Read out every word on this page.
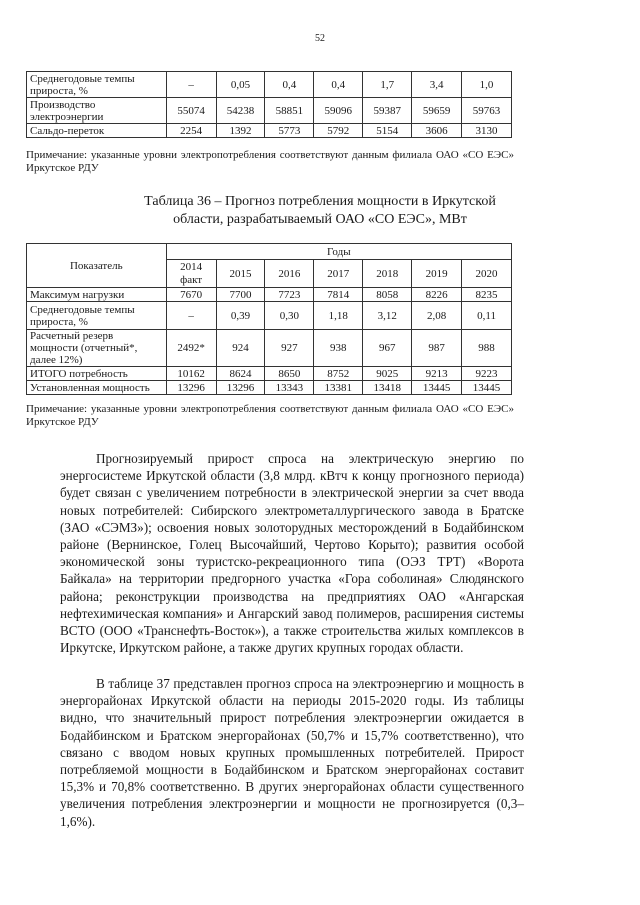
52
Среднегодовые темпы прироста, %	–	0,05	0,4	0,4	1,7	3,4	1,0
Производство электроэнергии	55074	54238	58851	59096	59387	59659	59763
Сальдо-переток	2254	1392	5773	5792	5154	3606	3130
Примечание: указанные уровни электропотребления соответствуют данным филиала ОАО «СО ЕЭС» Иркутское РДУ
Таблица 36 – Прогноз потребления мощности в Иркутской области, разрабатываемый ОАО «СО ЕЭС», МВт
Показатель	Годы						
	2014 факт	2015	2016	2017	2018	2019	2020
Максимум нагрузки	7670	7700	7723	7814	8058	8226	8235
Среднегодовые темпы прироста, %	–	0,39	0,30	1,18	3,12	2,08	0,11
Расчетный резерв мощности (отчетный*, далее 12%)	2492*	924	927	938	967	987	988
ИТОГО потребность	10162	8624	8650	8752	9025	9213	9223
Установленная мощность	13296	13296	13343	13381	13418	13445	13445
Примечание: указанные уровни электропотребления соответствуют данным филиала ОАО «СО ЕЭС» Иркутское РДУ

Прогнозируемый прирост спроса на электрическую энергию по энергосистеме Иркутской области (3,8 млрд. кВтч к концу прогнозного периода) будет связан с увеличением потребности в электрической энергии за счет ввода новых потребителей: Сибирского электрометаллургического завода в Братске (ЗАО «СЭМЗ»); освоения новых золоторудных месторождений в Бодайбинском районе (Вернинское, Голец Высочайший, Чертово Корыто); развития особой экономической зоны туристско-рекреационного типа (ОЭЗ ТРТ) «Ворота Байкала» на территории предгорного участка «Гора соболиная» Слюдянского района; реконструкции производства на предприятиях ОАО «Ангарская нефтехимическая компания» и Ангарский завод полимеров, расширения системы ВСТО (ООО «Транснефть-Восток»), а также строительства жилых комплексов в Иркутске, Иркутском районе, а также других крупных городах области.

В таблице 37 представлен прогноз спроса на электроэнергию и мощность в энергорайонах Иркутской области на периоды 2015-2020 годы. Из таблицы видно, что значительный прирост потребления электроэнергии ожидается в Бодайбинском и Братском энергорайонах (50,7% и 15,7% соответственно), что связано с вводом новых крупных промышленных потребителей. Прирост потребляемой мощности в Бодайбинском и Братском энергорайонах составит 15,3% и 70,8% соответственно. В других энергорайонах области существенного увеличения потребления электроэнергии и мощности не прогнозируется (0,3–1,6%).
